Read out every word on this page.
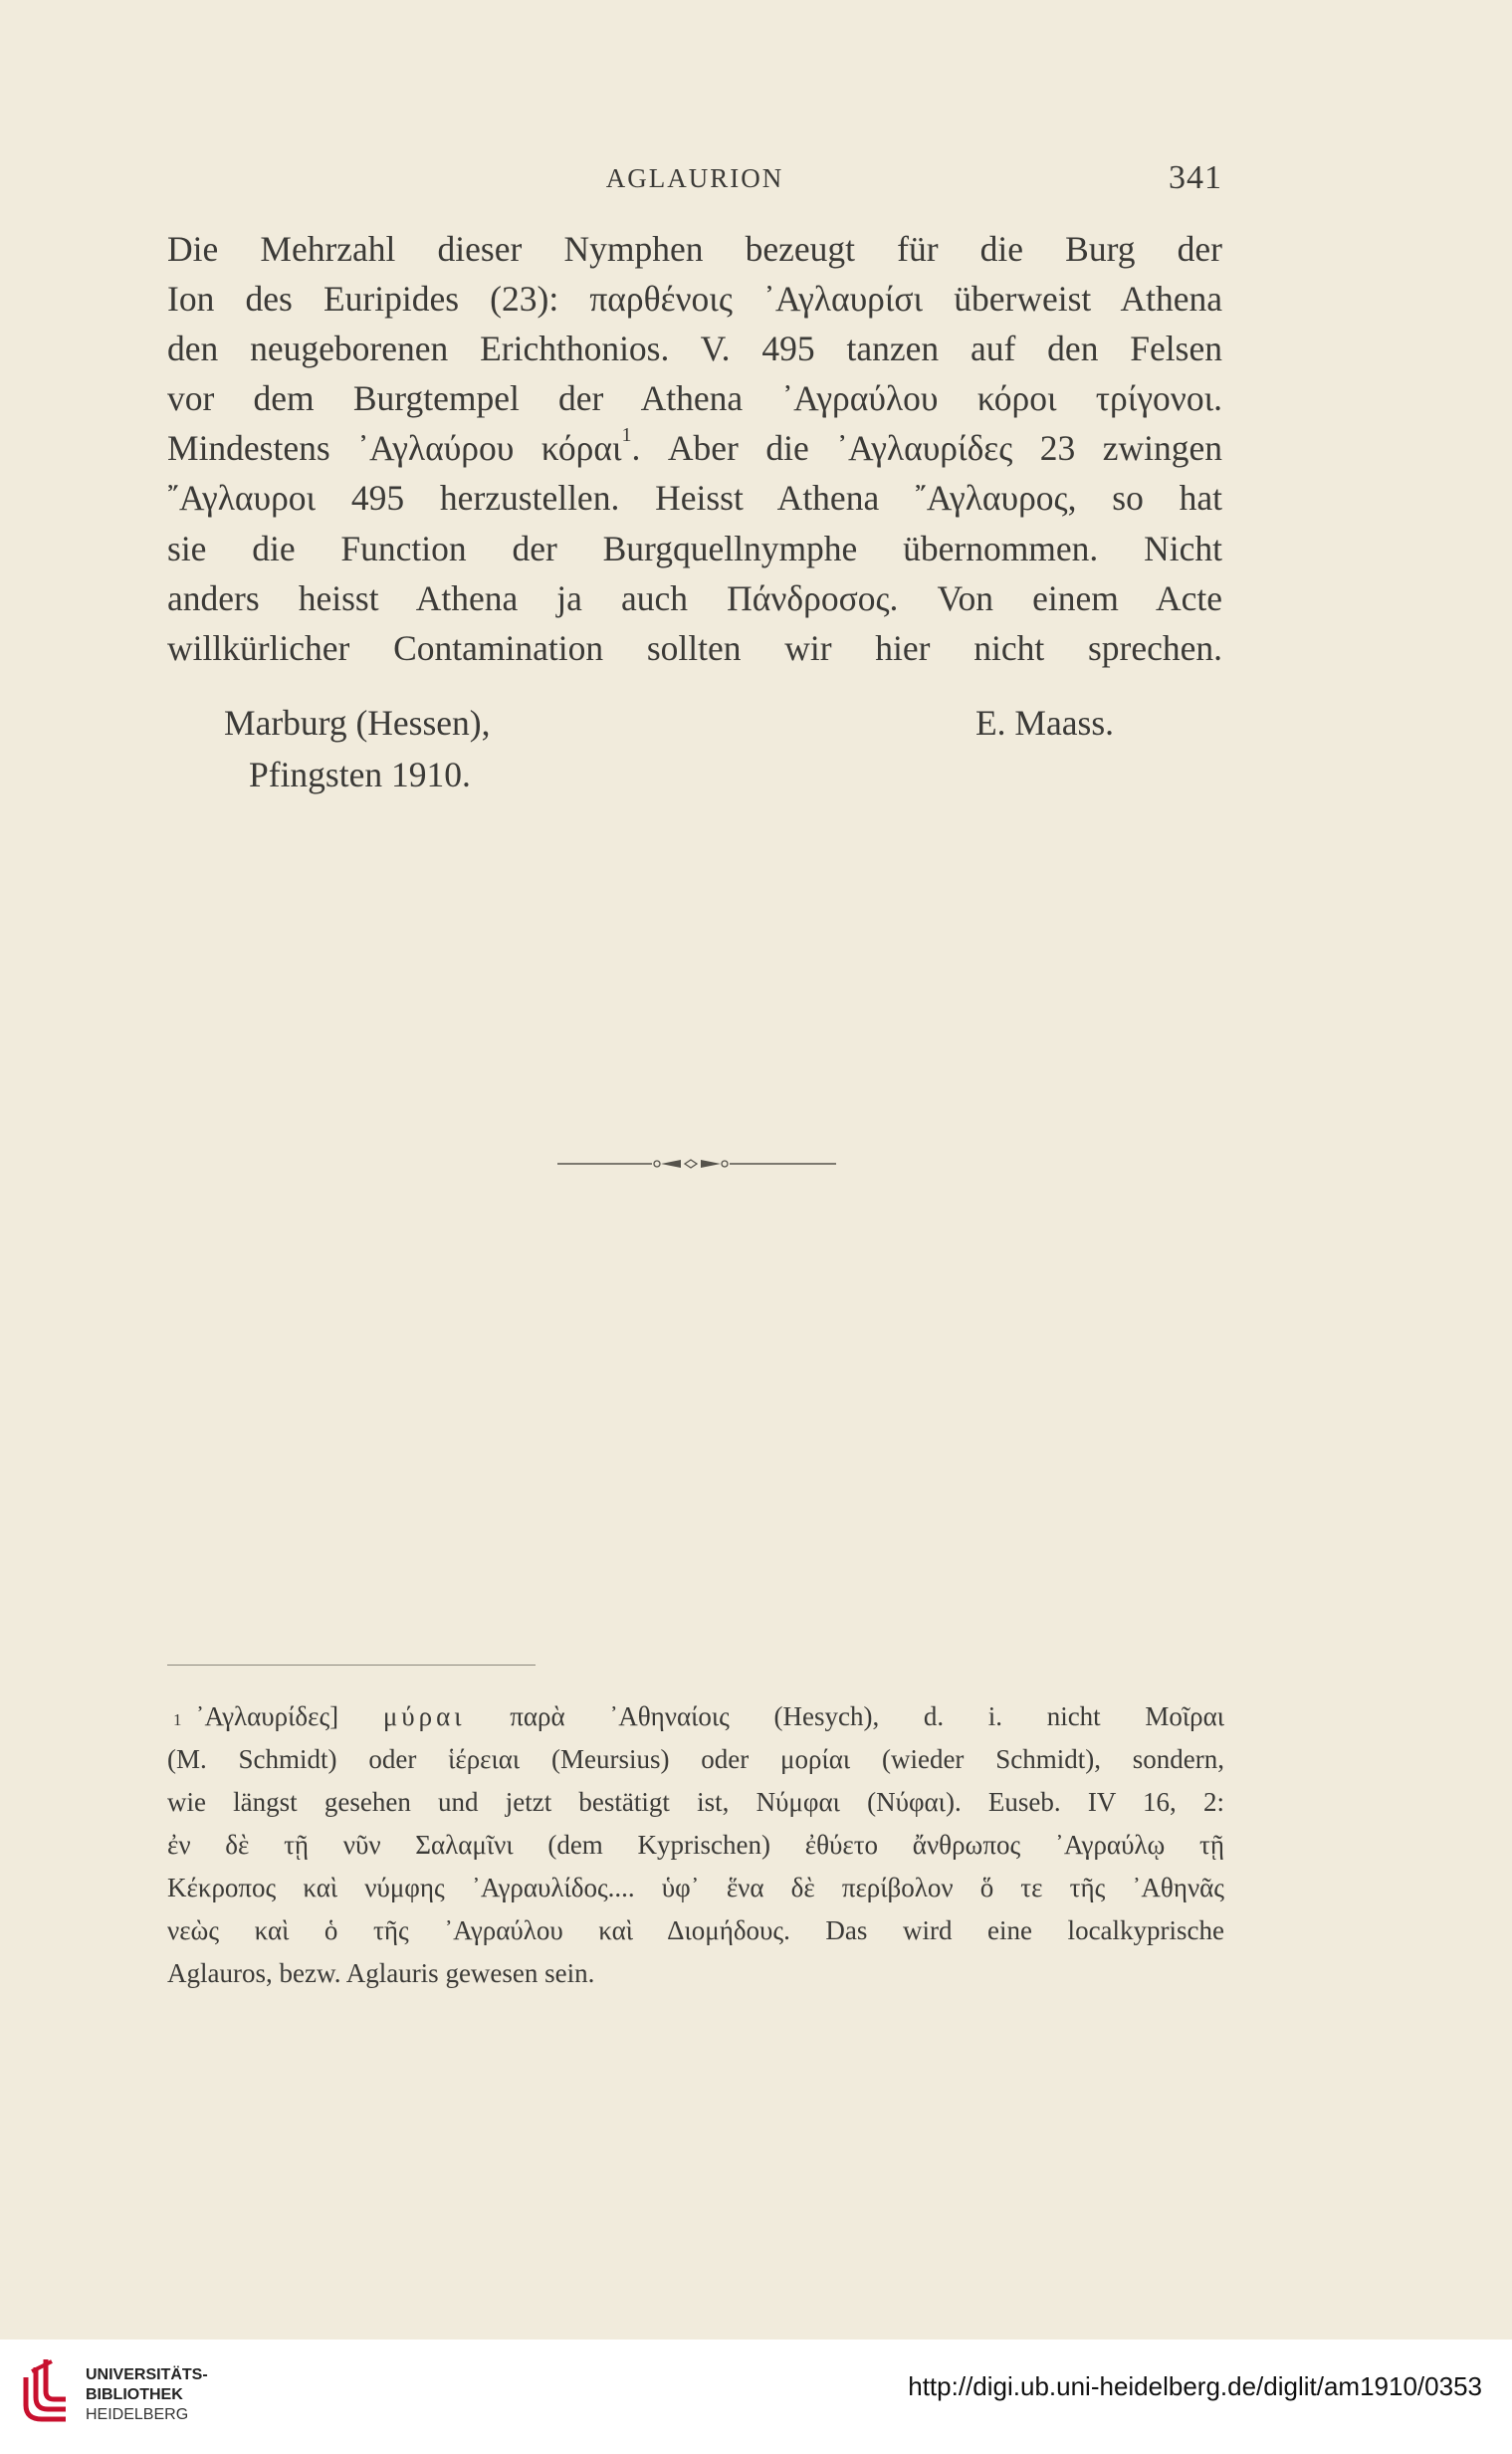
AGLAURION	341
Die Mehrzahl dieser Nymphen bezeugt für die Burg der
Ion des Euripides (23): παρθένοις ᾿Αγλαυρίσι überweist Athena
den neugeborenen Erichthonios. V. 495 tanzen auf den Felsen
vor dem Burgtempel der Athena ᾿Αγραύλου κόροι τρίγονοι.
Mindestens ᾿Αγλαύρου κόραι$^1$. Aber die ᾿Αγλαυρίδες 23 zwingen
῎Αγλαυροι 495 herzustellen. Heisst Athena ῎Αγλαυρος, so hat
sie die Function der Burgquellnymphe übernommen. Nicht
anders heisst Athena ja auch Πάνδροσος. Von einem Acte
willkürlicher Contamination sollten wir hier nicht sprechen.
Marburg (Hessen),	E. Maass.
Pfingsten 1910.
$^1$ ᾿Αγλαυρίδες] μύραι παρὰ ᾿Αθηναίοις (Hesych), d. i. nicht Μοῖραι
(M. Schmidt) oder ἱέρειαι (Meursius) oder μορίαι (wieder Schmidt), sondern,
wie längst gesehen und jetzt bestätigt ist, Νύμφαι (Νύφαι). Euseb. IV 16, 2:
ἐν δὲ τῇ νῦν Σαλαμῖνι (dem Kyprischen) ἐθύετο ἄνθρωπος ᾿Αγραύλῳ τῇ
Κέκροπος καὶ νύμφης ᾿Αγραυλίδος.... ὑφ᾿ ἕνα δὲ περίβολον ὅ τε τῆς ᾿Αθηνᾶς
νεὼς καὶ ὁ τῆς ᾿Αγραύλου καὶ Διομήδους. Das wird eine localkyprische
Aglauros, bezw. Aglauris gewesen sein.
UNIVERSITÄTS-
BIBLIOTHEK
HEIDELBERG
http://digi.ub.uni-heidelberg.de/diglit/am1910/0353
